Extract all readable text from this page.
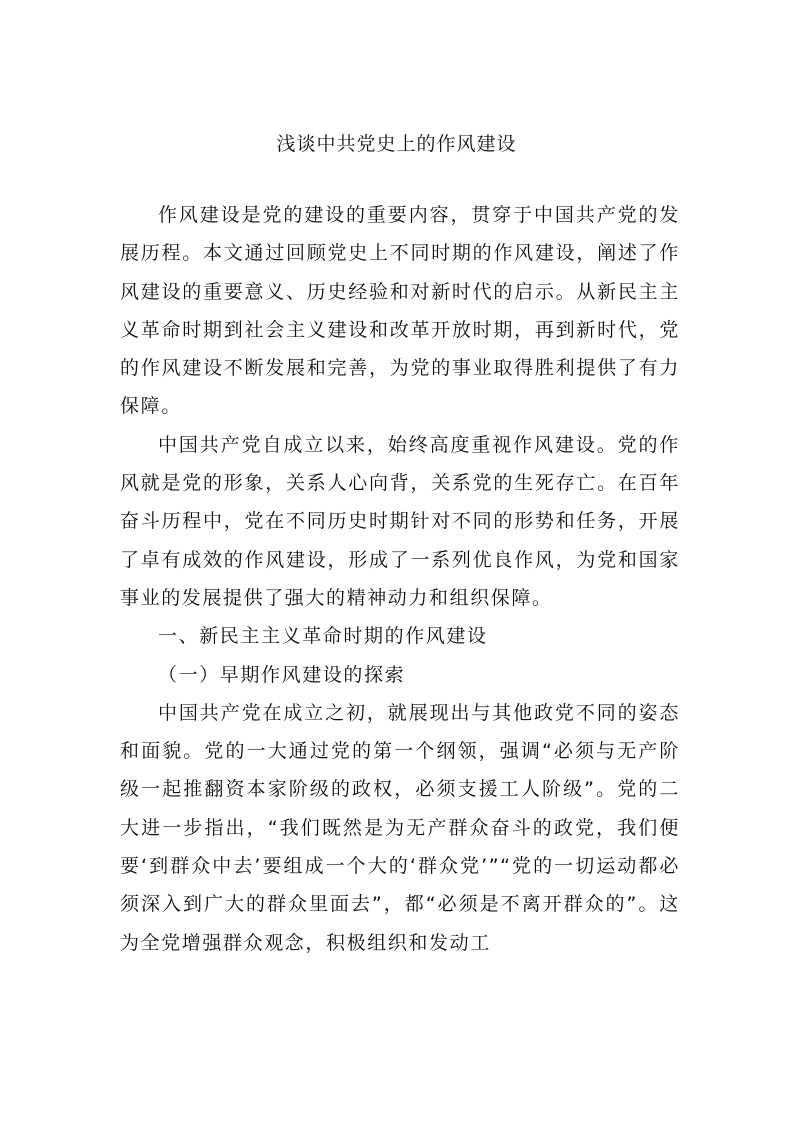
浅谈中共党史上的作风建设

作风建设是党的建设的重要内容，贯穿于中国共产党的发展历程。本文通过回顾党史上不同时期的作风建设，阐述了作风建设的重要意义、历史经验和对新时代的启示。从新民主主义革命时期到社会主义建设和改革开放时期，再到新时代，党的作风建设不断发展和完善，为党的事业取得胜利提供了有力保障。

中国共产党自成立以来，始终高度重视作风建设。党的作风就是党的形象，关系人心向背，关系党的生死存亡。在百年奋斗历程中，党在不同历史时期针对不同的形势和任务，开展了卓有成效的作风建设，形成了一系列优良作风，为党和国家事业的发展提供了强大的精神动力和组织保障。

一、新民主主义革命时期的作风建设

（一）早期作风建设的探索

中国共产党在成立之初，就展现出与其他政党不同的姿态和面貌。党的一大通过党的第一个纲领，强调“必须与无产阶级一起推翻资本家阶级的政权，必须支援工人阶级”。党的二大进一步指出，“我们既然是为无产群众奋斗的政党，我们便要‘到群众中去’要组成一个大的‘群众党’”“党的一切运动都必须深入到广大的群众里面去”，都“必须是不离开群众的”。这为全党增强群众观念，积极组织和发动工
